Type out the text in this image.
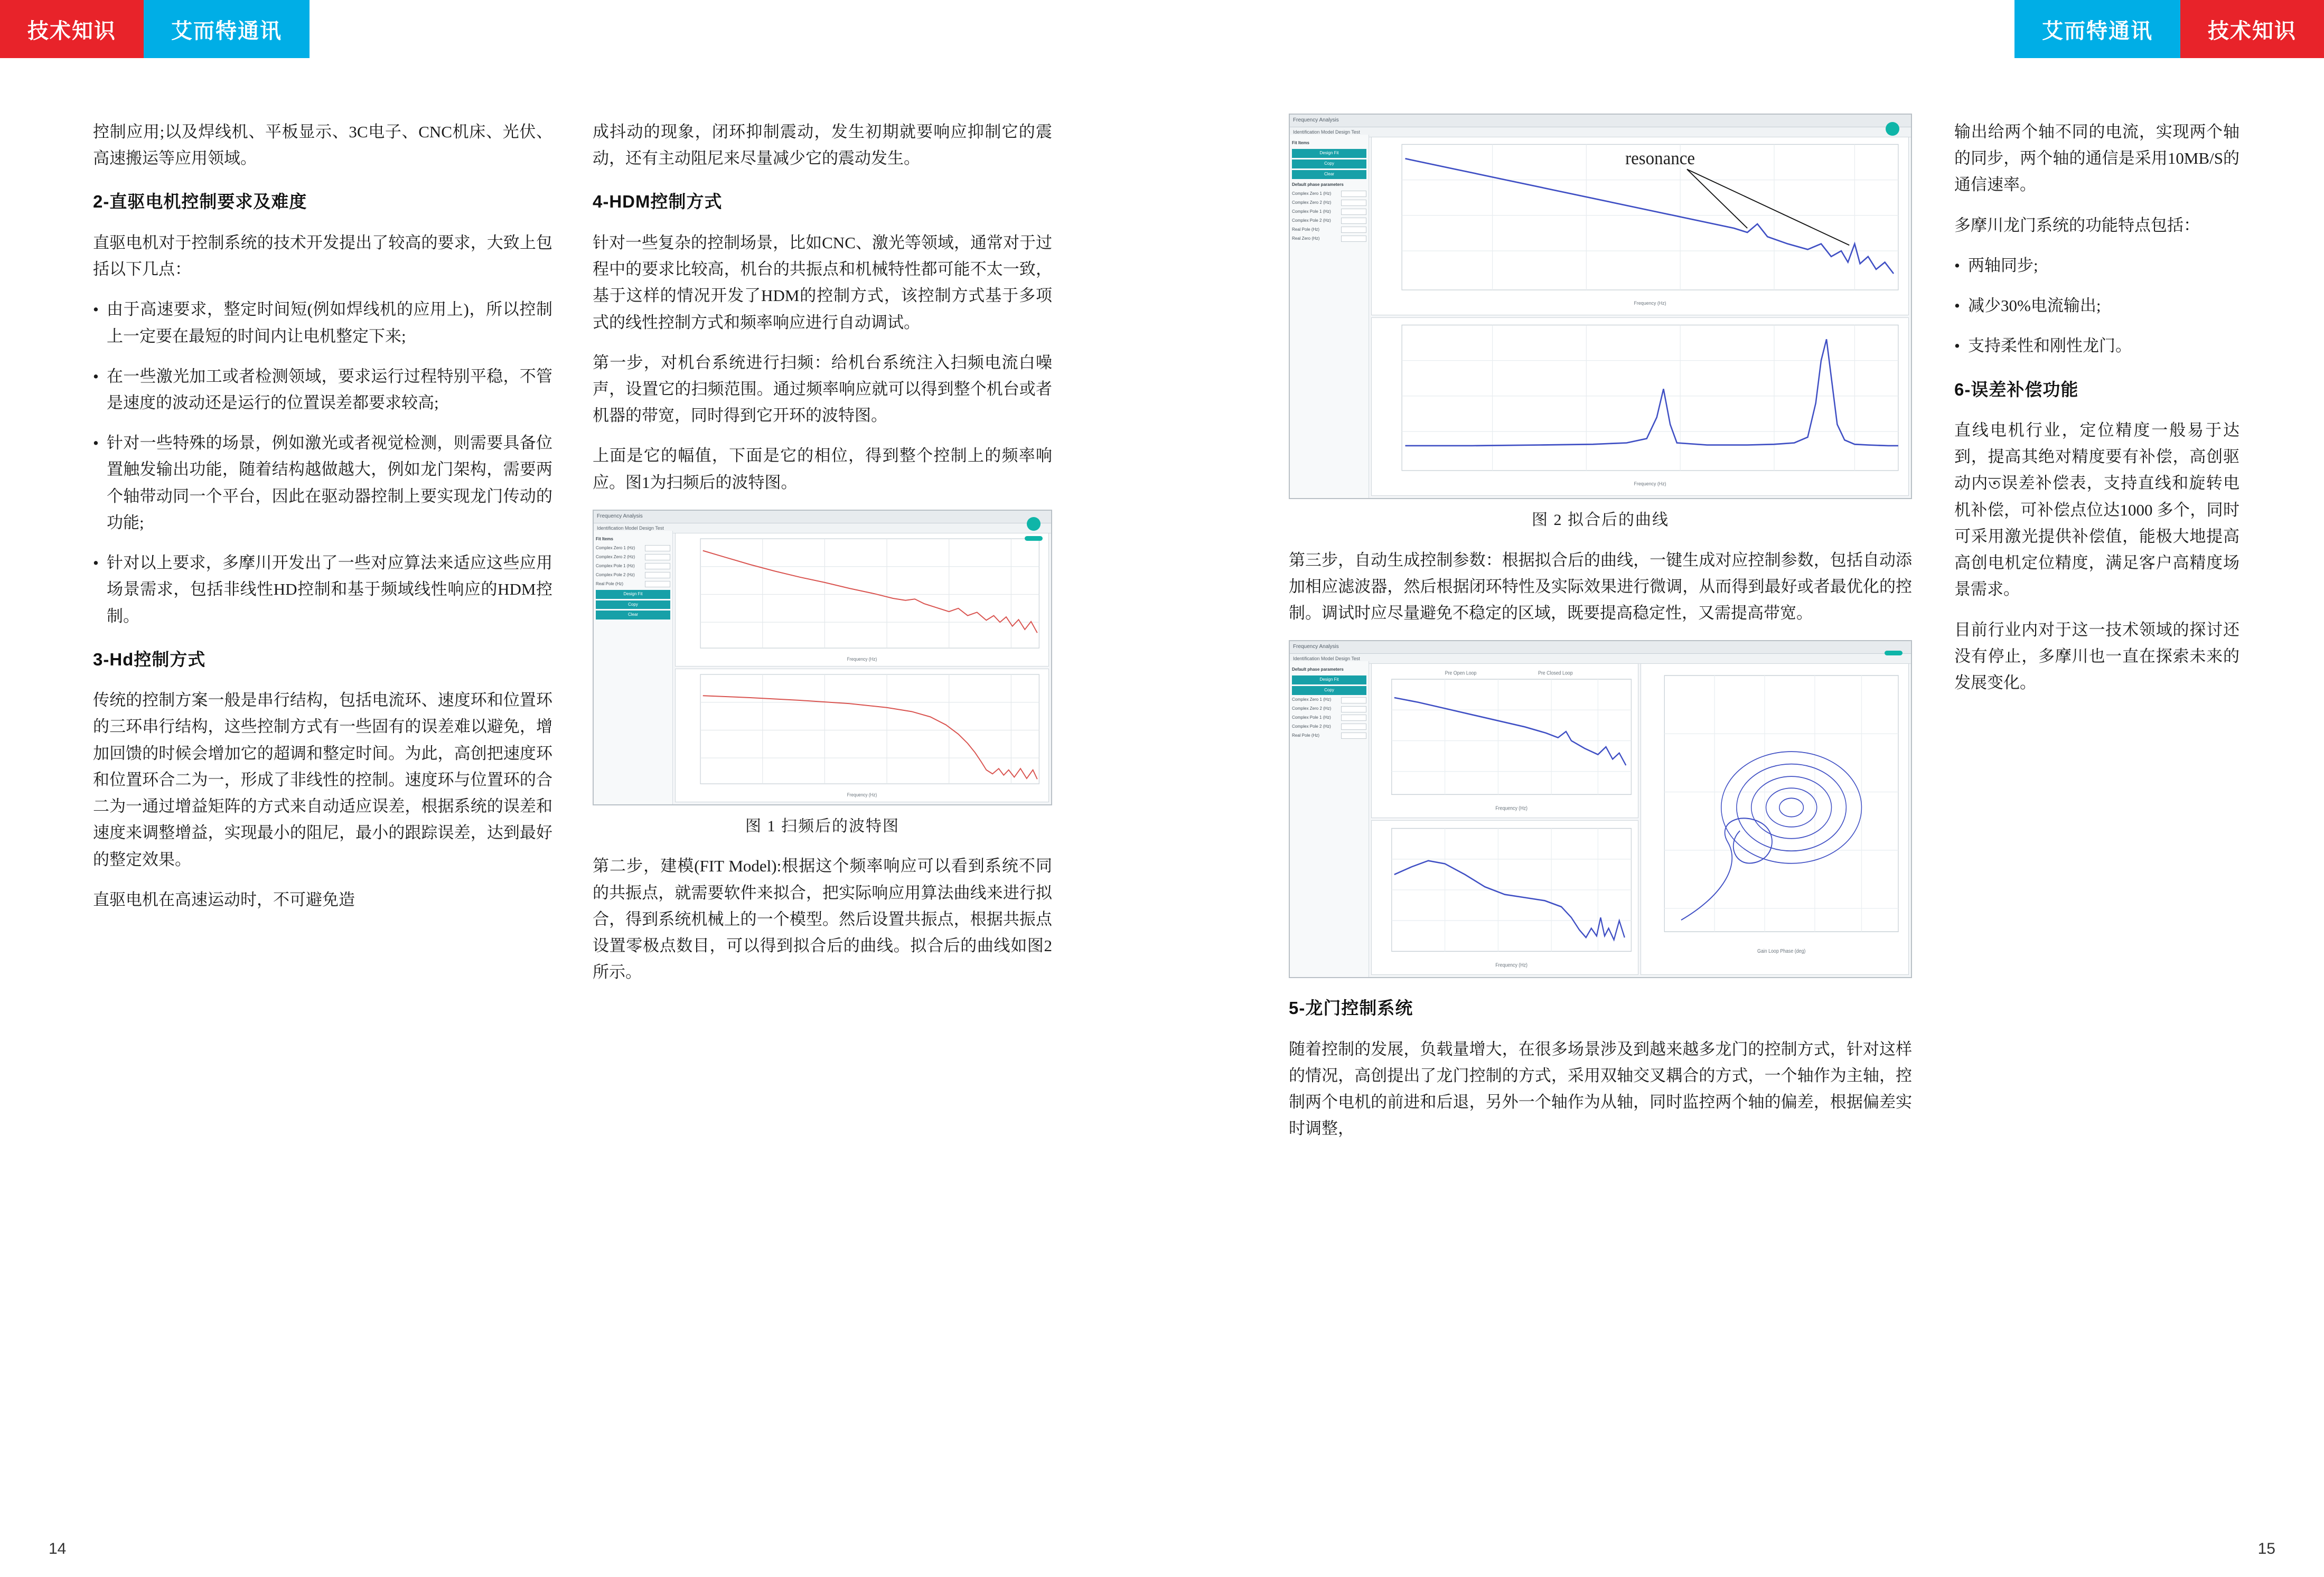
技术知识	艾而特通讯	艾而特通讯	技术知识

控制应用;以及焊线机、平板显示、3C电子、CNC机床、光伏、高速搬运等应用领域。

2-直驱电机控制要求及难度

直驱电机对于控制系统的技术开发提出了较高的要求，大致上包括以下几点：

• 由于高速要求，整定时间短(例如焊线机的应用上)，所以控制上一定要在最短的时间内让电机整定下来;
• 在一些激光加工或者检测领域，要求运行过程特别平稳，不管是速度的波动还是运行的位置误差都要求较高;
• 针对一些特殊的场景，例如激光或者视觉检测，则需要具备位置触发输出功能，随着结构越做越大，例如龙门架构，需要两个轴带动同一个平台，因此在驱动器控制上要实现龙门传动的功能;
• 针对以上要求，多摩川开发出了一些对应算法来适应这些应用场景需求，包括非线性HD控制和基于频域线性响应的HDM控制。
3-Hd控制方式

传统的控制方案一般是串行结构，包括电流环、速度环和位置环的三环串行结构，这些控制方式有一些固有的误差难以避免，增加回馈的时候会增加它的超调和整定时间。为此，高创把速度环和位置环合二为一，形成了非线性的控制。速度环与位置环的合二为一通过增益矩阵的方式来自动适应误差，根据系统的误差和速度来调整增益，实现最小的阻尼，最小的跟踪误差，达到最好的整定效果。

直驱电机在高速运动时，不可避免造

成抖动的现象，闭环抑制震动，发生初期就要响应抑制它的震动，还有主动阻尼来尽量减少它的震动发生。

4-HDM控制方式

针对一些复杂的控制场景，比如CNC、激光等领域，通常对于过程中的要求比较高，机台的共振点和机械特性都可能不太一致，基于这样的情况开发了HDM的控制方式，该控制方式基于多项式的线性控制方式和频率响应进行自动调试。

第一步，对机台系统进行扫频：给机台系统注入扫频电流白噪声，设置它的扫频范围。通过频率响应就可以得到整个机台或者机器的带宽，同时得到它开环的波特图。

上面是它的幅值，下面是它的相位，得到整个控制上的频率响应。图1为扫频后的波特图。

Frequency Analysis
Identification Model Design Test
Fit Items
Complex Zero 1 (Hz)
Complex Zero 2 (Hz)
Complex Pole 1 (Hz)
Complex Pole 2 (Hz)
Real Pole (Hz)
Design Fit
Copy
Clear
Frequency (Hz)
Frequency (Hz)
图 1 扫频后的波特图

第二步，建模(FIT Model):根据这个频率响应可以看到系统不同的共振点，就需要软件来拟合，把实际响应用算法曲线来进行拟合，得到系统机械上的一个模型。然后设置共振点，根据共振点设置零极点数目，可以得到拟合后的曲线。拟合后的曲线如图2所示。

Frequency Analysis
Identification Model Design Test
Fit Items
Design Fit
Copy
Clear
Default phase parameters
Complex Zero 1 (Hz)
Complex Zero 2 (Hz)
Complex Pole 1 (Hz)
Complex Pole 2 (Hz)
Real Pole (Hz)
Real Zero (Hz)
resonance
Frequency (Hz)
Frequency (Hz)
图 2 拟合后的曲线

第三步，自动生成控制参数：根据拟合后的曲线，一键生成对应控制参数，包括自动添加相应滤波器，然后根据闭环特性及实际效果进行微调，从而得到最好或者最优化的控制。调试时应尽量避免不稳定的区域，既要提高稳定性，又需提高带宽。

Frequency Analysis
Identification Model Design Test
Default phase parameters
Design Fit
Copy
Complex Zero 1 (Hz)
Complex Zero 2 (Hz)
Complex Pole 1 (Hz)
Complex Pole 2 (Hz)
Real Pole (Hz)
Pre Open Loop	Pre Closed Loop
Frequency (Hz)
Frequency (Hz)
Gain Loop Phase (deg)
5-龙门控制系统

随着控制的发展，负载量增大，在很多场景涉及到越来越多龙门的控制方式，针对这样的情况，高创提出了龙门控制的方式，采用双轴交叉耦合的方式，一个轴作为主轴，控制两个电机的前进和后退，另外一个轴作为从轴，同时监控两个轴的偏差，根据偏差实时调整，

输出给两个轴不同的电流，实现两个轴的同步，两个轴的通信是采用10MB/S的通信速率。

多摩川龙门系统的功能特点包括：

• 两轴同步;
• 减少30%电流输出;
• 支持柔性和刚性龙门。
6-误差补偿功能

直线电机行业，定位精度一般易于达到，提高其绝对精度要有补偿，高创驱动内ত误差补偿表，支持直线和旋转电机补偿，可补偿点位达1000 多个，同时可采用激光提供补偿值，能极大地提高高创电机定位精度，满足客户高精度场景需求。

目前行业内对于这一技术领域的探讨还没有停止，多摩川也一直在探索未来的发展变化。

14	15
